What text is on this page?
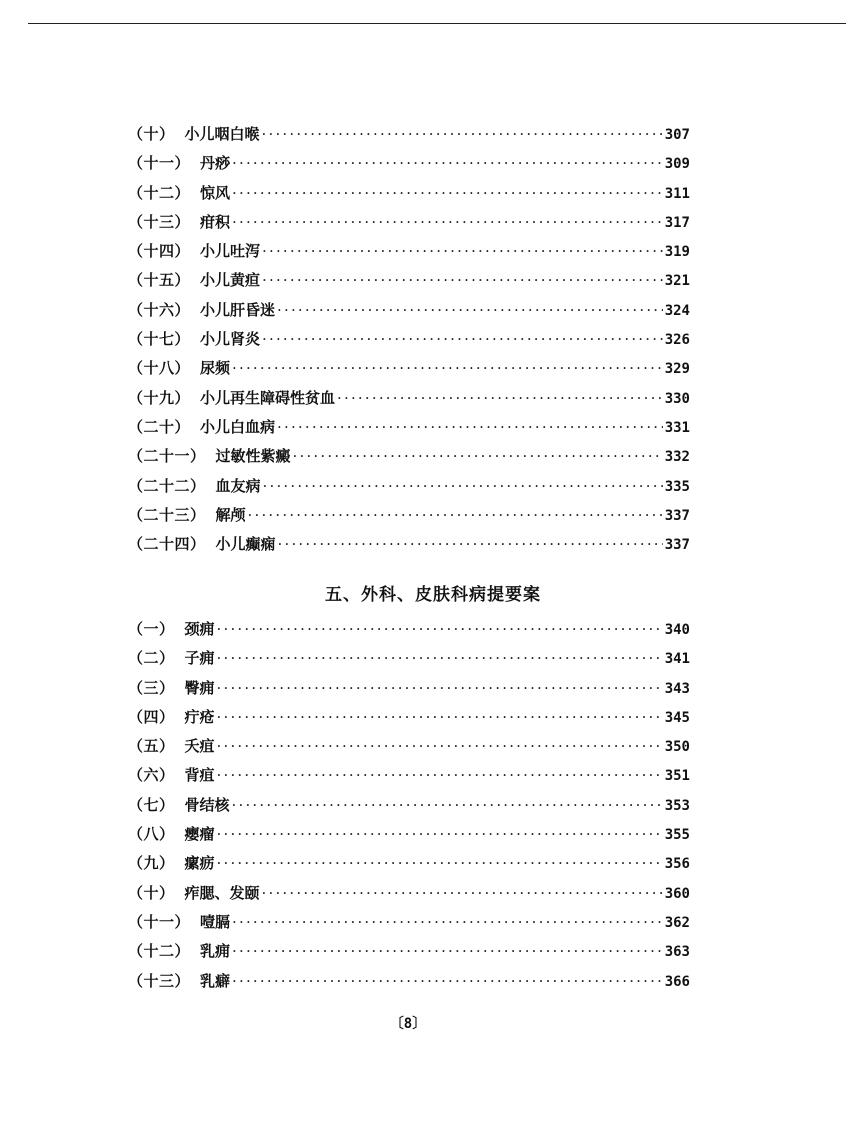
（十） 小儿咽白喉 ·····	307
（十一） 丹痧 ·····	309
（十二） 惊风 ·····	311
（十三） 疳积 ·····	317
（十四） 小儿吐泻 ·····	319
（十五） 小儿黄疸 ·····	321
（十六） 小儿肝昏迷 ·····	324
（十七） 小儿肾炎 ·····	326
（十八） 尿频 ·····	329
（十九） 小儿再生障碍性贫血 ·····	330
（二十） 小儿白血病 ·····	331
（二十一） 过敏性紫癜 ·····	332
（二十二） 血友病 ·····	335
（二十三） 解颅 ·····	337
（二十四） 小儿癫痫 ·····	337
五、外科、皮肤科病提要案
（一） 颈痈 ·····	340
（二） 子痈 ·····	341
（三） 臀痈 ·····	343
（四） 疔疮 ·····	345
（五） 夭疽 ·····	350
（六） 背疽 ·····	351
（七） 骨结核 ·····	353
（八） 瘿瘤 ·····	355
（九） 瘰疬 ·····	356
（十） 痄腮、发颐 ·····	360
（十一） 噎膈 ·····	362
（十二） 乳痈 ·····	363
（十三） 乳癖 ·····	366
〔8〕
